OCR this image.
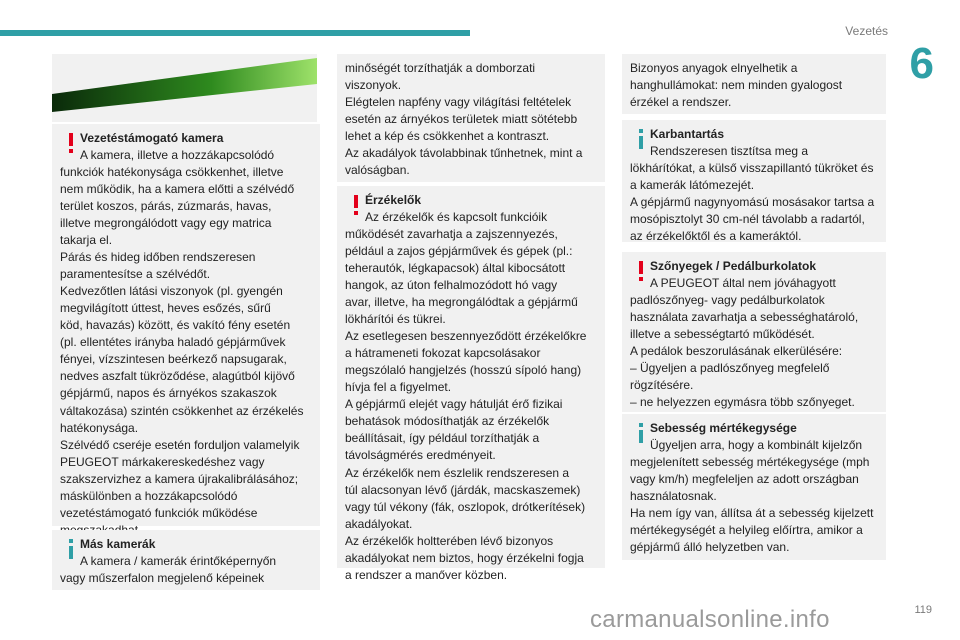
Vezetés
6
Vezetéstámogató kamera
A kamera, illetve a hozzákapcsolódó
funkciók hatékonysága csökkenhet, illetve
nem működik, ha a kamera előtti a szélvédő
terület koszos, párás, zúzmarás, havas,
illetve megrongálódott vagy egy matrica
takarja el.
Párás és hideg időben rendszeresen
paramentesítse a szélvédőt.
Kedvezőtlen látási viszonyok (pl. gyengén
megvilágított úttest, heves esőzés, sűrű
köd, havazás) között, és vakító fény esetén
(pl. ellentétes irányba haladó gépjárművek
fényei, vízszintesen beérkező napsugarak,
nedves aszfalt tükröződése, alagútból kijövő
gépjármű, napos és árnyékos szakaszok
váltakozása) szintén csökkenhet az érzékelés
hatékonysága.
Szélvédő cseréje esetén forduljon valamelyik
PEUGEOT márkakereskedéshez vagy
szakszervizhez a kamera újrakalibrálásához;
máskülönben a hozzákapcsolódó
vezetéstámogató funkciók működése

Más kamerák
A kamera / kamerák érintőképernyőn
vagy műszerfalon megjelenő képeinek
minőségét torzíthatják a domborzati
viszonyok.
Elégtelen napfény vagy világítási feltételek
esetén az árnyékos területek miatt sötétebb
lehet a kép és csökkenhet a kontraszt.
Az akadályok távolabbinak tűnhetnek, mint a
valóságban.
Érzékelők
Az érzékelők és kapcsolt funkcióik
működését zavarhatja a zajszennyezés,
például a zajos gépjárművek és gépek (pl.:
teherautók, légkapacsok) által kibocsátott
hangok, az úton felhalmozódott hó vagy
avar, illetve, ha megrongálódtak a gépjármű
lökhárítói és tükrei.
Az esetlegesen beszennyeződött érzékelőkre
a hátrameneti fokozat kapcsolásakor
megszólaló hangjelzés (hosszú sípoló hang)
hívja fel a figyelmet.
A gépjármű elejét vagy hátulját érő fizikai
behatások módosíthatják az érzékelők
beállításait, így például torzíthatják a
távolságmérés eredményeit.
Az érzékelők nem észlelik rendszeresen a
túl alacsonyan lévő (járdák, macskaszemek)
vagy túl vékony (fák, oszlopok, drótkerítések)
akadályokat.
Az érzékelők holtterében lévő bizonyos
akadályokat nem biztos, hogy érzékelni fogja
a rendszer a manőver közben.
Bizonyos anyagok elnyelhetik a
hanghullámokat: nem minden gyalogost
érzékel a rendszer.
Karbantartás
Rendszeresen tisztítsa meg a
lökhárítókat, a külső visszapillantó tükröket és
a kamerák látómezejét.
A gépjármű nagynyomású mosásakor tartsa a
mosópisztolyt 30 cm-nél távolabb a radartól,
az érzékelőktől és a kameráktól.
Szőnyegek / Pedálburkolatok
A PEUGEOT által nem jóváhagyott
padlószőnyeg- vagy pedálburkolatok
használata zavarhatja a sebességhatároló,
illetve a sebességtartó működését.
A pedálok beszorulásának elkerülésére:
– Ügyeljen a padlószőnyeg megfelelő
rögzítésére.
– ne helyezzen egymásra több szőnyeget.
Sebesség mértékegysége
Ügyeljen arra, hogy a kombinált kijelzőn
megjelenített sebesség mértékegysége (mph
vagy km/h) megfeleljen az adott országban
használatosnak.
Ha nem így van, állítsa át a sebesség kijelzett
mértékegységét a helyileg előírtra, amikor a
gépjármű álló helyzetben van.
carmanualsonline.info	119
